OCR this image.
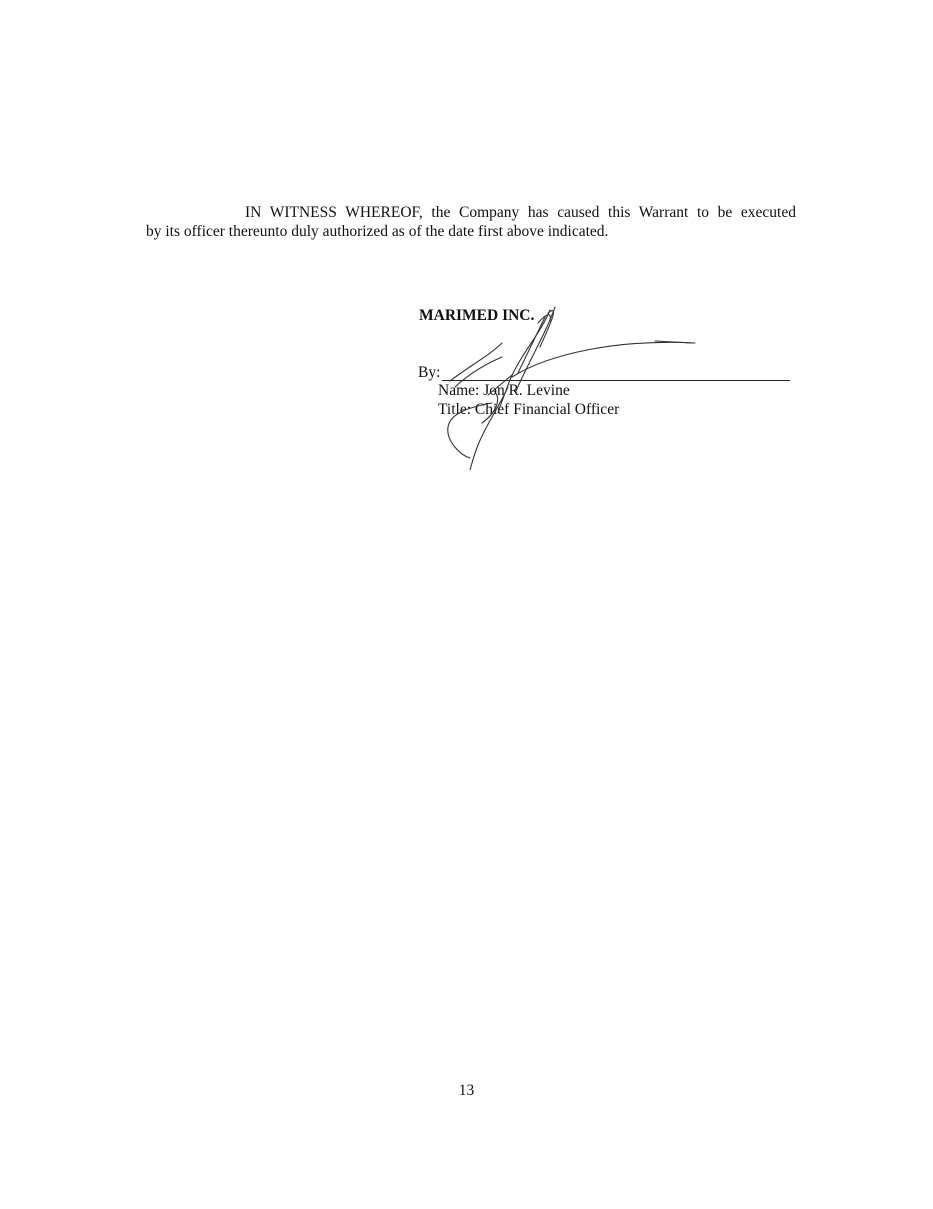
IN WITNESS WHEREOF, the Company has caused this Warrant to be executed
by its officer thereunto duly authorized as of the date first above indicated.
MARIMED INC.
By:
Name: Jon R. Levine
Title: Chief Financial Officer
13
